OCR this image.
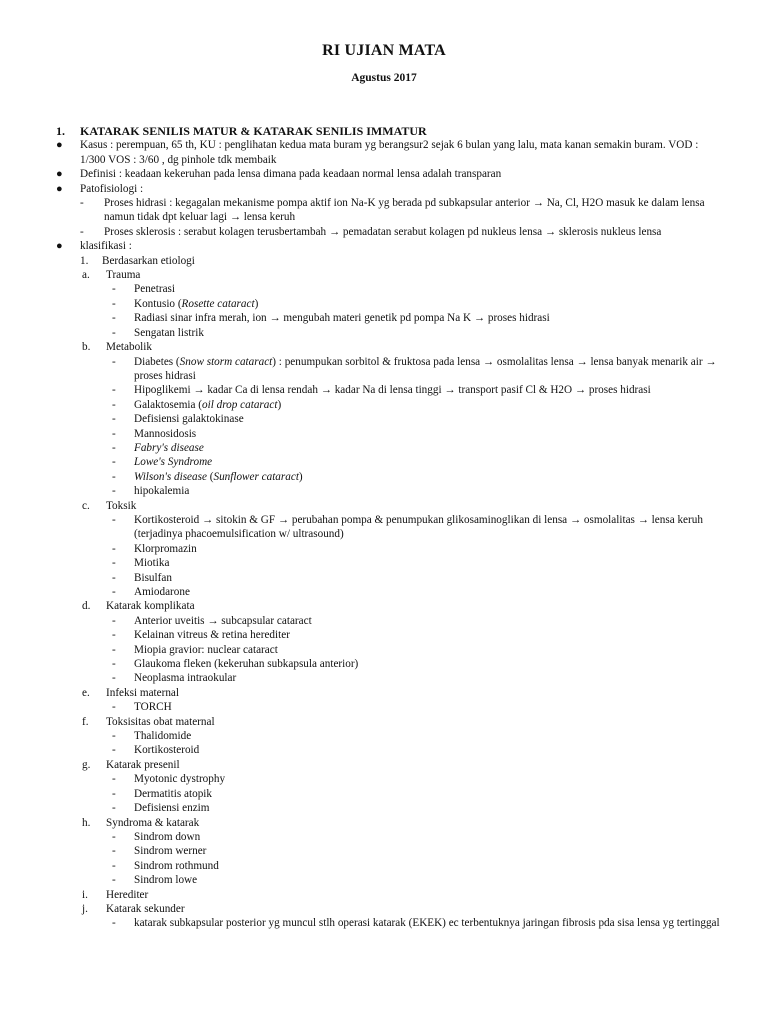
RI UJIAN MATA
Agustus 2017
1. KATARAK SENILIS MATUR & KATARAK SENILIS IMMATUR
● Kasus : perempuan, 65 th, KU : penglihatan kedua mata buram yg berangsur2 sejak 6 bulan yang lalu, mata kanan semakin buram. VOD : 1/300 VOS : 3/60 , dg pinhole tdk membaik
● Definisi : keadaan kekeruhan pada lensa dimana pada keadaan normal lensa adalah transparan
● Patofisiologi :
- Proses hidrasi : kegagalan mekanisme pompa aktif ion Na-K yg berada pd subkapsular anterior → Na, Cl, H2O masuk ke dalam lensa namun tidak dpt keluar lagi → lensa keruh
- Proses sklerosis : serabut kolagen terusbertambah → pemadatan serabut kolagen pd nukleus lensa → sklerosis nukleus lensa
● klasifikasi :
1. Berdasarkan etiologi
a. Trauma
- Penetrasi
- Kontusio (Rosette cataract)
- Radiasi sinar infra merah, ion → mengubah materi genetik pd pompa Na K → proses hidrasi
- Sengatan listrik
b. Metabolik
- Diabetes (Snow storm cataract) : penumpukan sorbitol & fruktosa pada lensa → osmolalitas lensa → lensa banyak menarik air → proses hidrasi
- Hipoglikemi → kadar Ca di lensa rendah → kadar Na di lensa tinggi → transport pasif Cl & H2O → proses hidrasi
- Galaktosemia (oil drop cataract)
- Defisiensi galaktokinase
- Mannosidosis
- Fabry's disease
- Lowe's Syndrome
- Wilson's disease (Sunflower cataract)
- hipokalemia
c. Toksik
- Kortikosteroid → sitokin & GF → perubahan pompa & penumpukan glikosaminoglikan di lensa → osmolalitas → lensa keruh (terjadinya phacoemulsification w/ ultrasound)
- Klorpromazin
- Miotika
- Bisulfan
- Amiodarone
d. Katarak komplikata
- Anterior uveitis → subcapsular cataract
- Kelainan vitreus & retina herediter
- Miopia gravior: nuclear cataract
- Glaukoma fleken (kekeruhan subkapsula anterior)
- Neoplasma intraokular
e. Infeksi maternal
- TORCH
f. Toksisitas obat maternal
- Thalidomide
- Kortikosteroid
g. Katarak presenil
- Myotonic dystrophy
- Dermatitis atopik
- Defisiensi enzim
h. Syndroma & katarak
- Sindrom down
- Sindrom werner
- Sindrom rothmund
- Sindrom lowe
i. Herediter
j. Katarak sekunder
- katarak subkapsular posterior yg muncul stlh operasi katarak (EKEK) ec terbentuknya jaringan fibrosis pda sisa lensa yg tertinggal
